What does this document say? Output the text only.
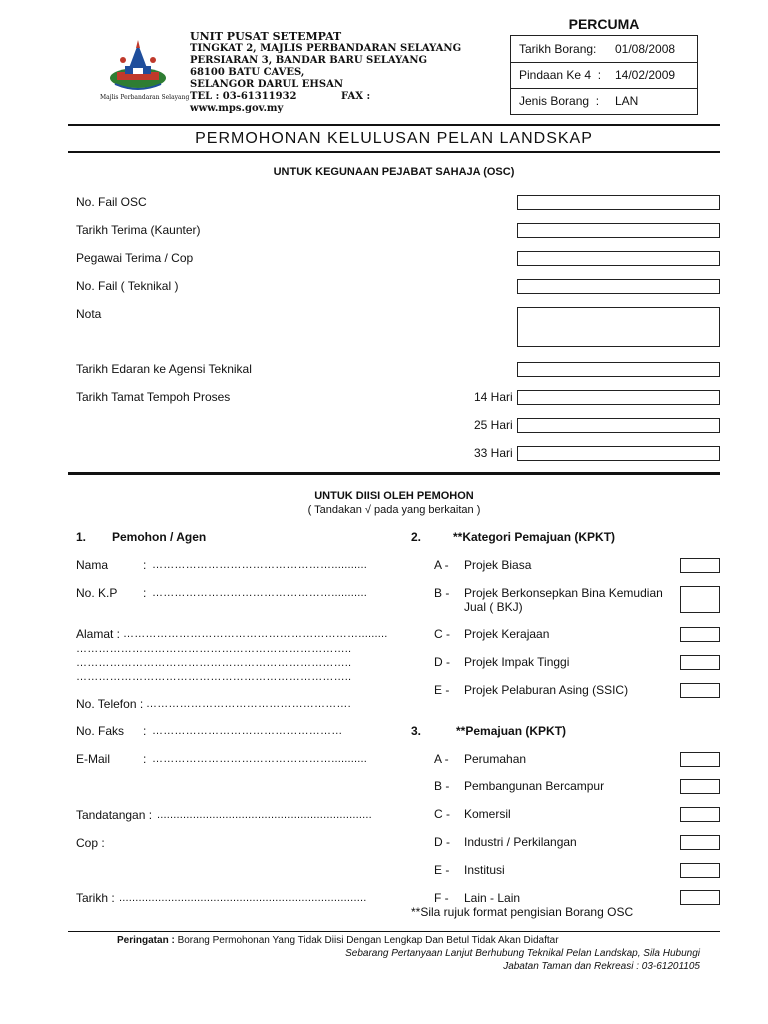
Majlis Perbandaran Selayang
UNIT PUSAT SETEMPAT
TINGKAT 2, MAJLIS PERBANDARAN SELAYANG
PERSIARAN 3, BANDAR BARU SELAYANG
68100 BATU CAVES,
SELANGOR DARUL EHSAN
TEL : 03-61311932	FAX :
www.mps.gov.my
PERCUMA
Tarikh Borang: 01/08/2008
Pindaan Ke 4  : 14/02/2009
Jenis Borang  : LAN
PERMOHONAN KELULUSAN PELAN LANDSKAP
UNTUK KEGUNAAN PEJABAT SAHAJA (OSC)
No. Fail OSC
Tarikh Terima (Kaunter)
Pegawai Terima / Cop
No. Fail ( Teknikal )
Nota
Tarikh Edaran ke Agensi Teknikal
Tarikh Tamat Tempoh Proses	14 Hari
25 Hari
33 Hari
UNTUK DIISI OLEH PEMOHON
( Tandakan √ pada yang berkaitan )
1. Pemohon / Agen
Nama	: …………………………………………...........
No. K.P : …………………………………………...........
Alamat : ……………………………………………………….........
………………………………………………………………..
………………………………………………………………..
………………………………………………………………..
No. Telefon : ……………………………………………….
No. Faks : ……………………………………………
E-Mail	: …………………………………………...........
Tandatangan : ..................................................................
Cop :
Tarikh : ............................................................................
2.	**Kategori Pemajuan (KPKT)
A - Projek Biasa
B - Projek Berkonsepkan Bina Kemudian
Jual ( BKJ)
C - Projek Kerajaan
D - Projek Impak Tinggi
E - Projek Pelaburan Asing (SSIC)
3.	**Pemajuan (KPKT)
A - Perumahan
B - Pembangunan Bercampur
C - Komersil
D - Industri / Perkilangan
E - Institusi
F - Lain - Lain
**Sila rujuk format pengisian Borang OSC
Peringatan : Borang Permohonan Yang Tidak Diisi Dengan Lengkap Dan Betul Tidak Akan Didaftar
Sebarang Pertanyaan Lanjut Berhubung Teknikal Pelan Landskap, Sila Hubungi
Jabatan Taman dan Rekreasi : 03-61201105
